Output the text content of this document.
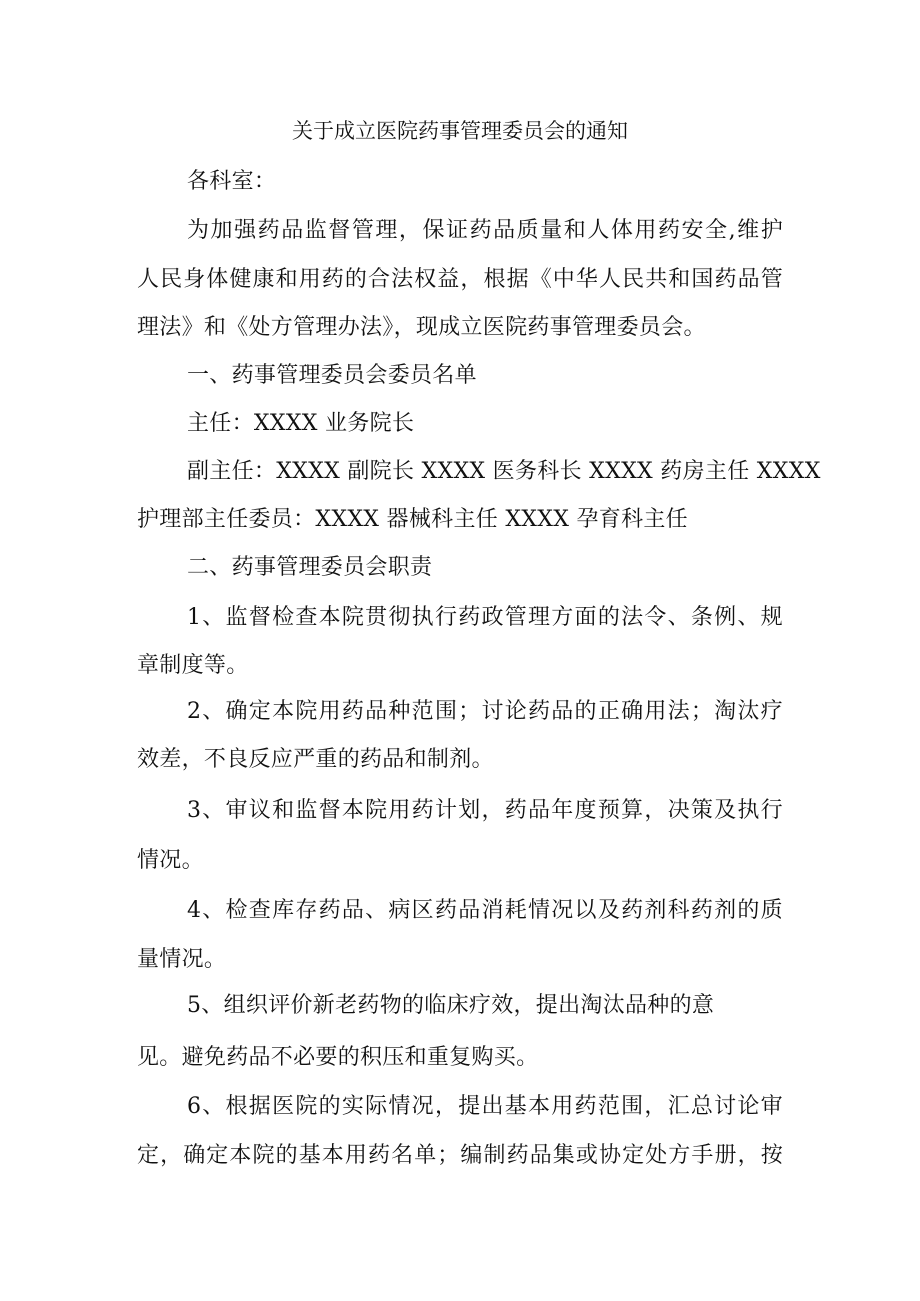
关于成立医院药事管理委员会的通知
各科室：
为加强药品监督管理，保证药品质量和人体用药安全,维护
人民身体健康和用药的合法权益，根据《中华人民共和国药品管
理法》和《处方管理办法》，现成立医院药事管理委员会。
一、药事管理委员会委员名单
主任：XXXX 业务院长
副主任：XXXX 副院长 XXXX 医务科长 XXXX 药房主任 XXXX
护理部主任委员：XXXX 器械科主任 XXXX 孕育科主任
二、药事管理委员会职责
1、监督检查本院贯彻执行药政管理方面的法令、条例、规
章制度等。
2、确定本院用药品种范围；讨论药品的正确用法；淘汰疗
效差，不良反应严重的药品和制剂。
3、审议和监督本院用药计划，药品年度预算，决策及执行
情况。
4、检查库存药品、病区药品消耗情况以及药剂科药剂的质
量情况。
5、组织评价新老药物的临床疗效，提出淘汰品种的意
见。避免药品不必要的积压和重复购买。
6、根据医院的实际情况，提出基本用药范围，汇总讨论审
定，确定本院的基本用药名单；编制药品集或协定处方手册，按
